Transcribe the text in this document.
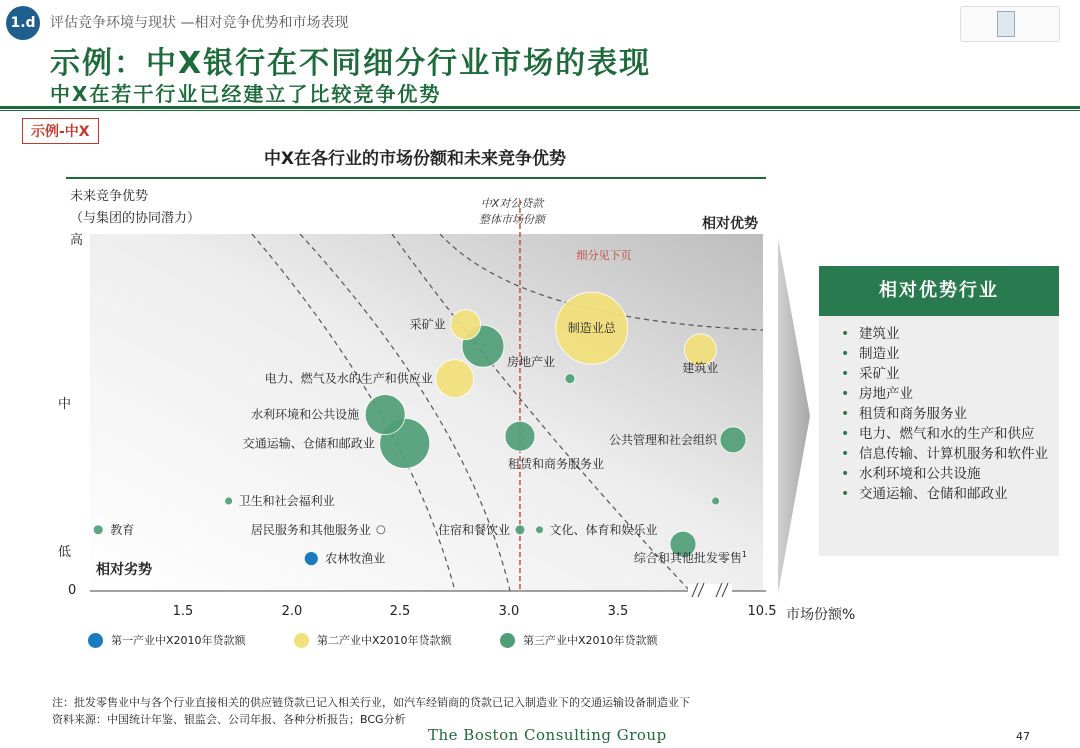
1.d	评估竞争环境与现状 —相对竞争优势和市场表现
示例：中X银行在不同细分行业市场的表现
中X在若干行业已经建立了比较竞争优势
示例-中X
中X在各行业的市场份额和未来竞争优势
未来竞争优势
（与集团的协同潜力）
高
中
低
0
1.5	2.0	2.5	3.0	3.5	10.5 市场份额%
中X对公贷款
整体市场份额
制造业总
采矿业
建筑业
电力、燃气及水的生产和供应业
房地产业
水利环境和公共设施
交通运输、仓储和邮政业
租赁和商务服务业
公共管理和社会组织
卫生和社会福利业
教育	居民服务和其他服务业	住宿和餐饮业	文化、体育和娱乐业
综合和其他批发零售$^1$
农林牧渔业
相对优势
相对劣势
细分见下页
相对优势行业
• 建筑业
• 制造业
• 采矿业
• 房地产业
• 租赁和商务服务业
• 电力、燃气和水的生产和供应
• 信息传输、计算机服务和软件业
• 水利环境和公共设施
• 交通运输、仓储和邮政业
第一产业中X2010年贷款额	第二产业中X2010年贷款额	第三产业中X2010年贷款额
注：批发零售业中与各个行业直接相关的供应链贷款已记入相关行业，如汽车经销商的贷款已记入制造业下的交通运输设备制造业下
资料来源：中国统计年鉴、银监会、公司年报、各种分析报告；BCG分析
The Boston Consulting Group	47
